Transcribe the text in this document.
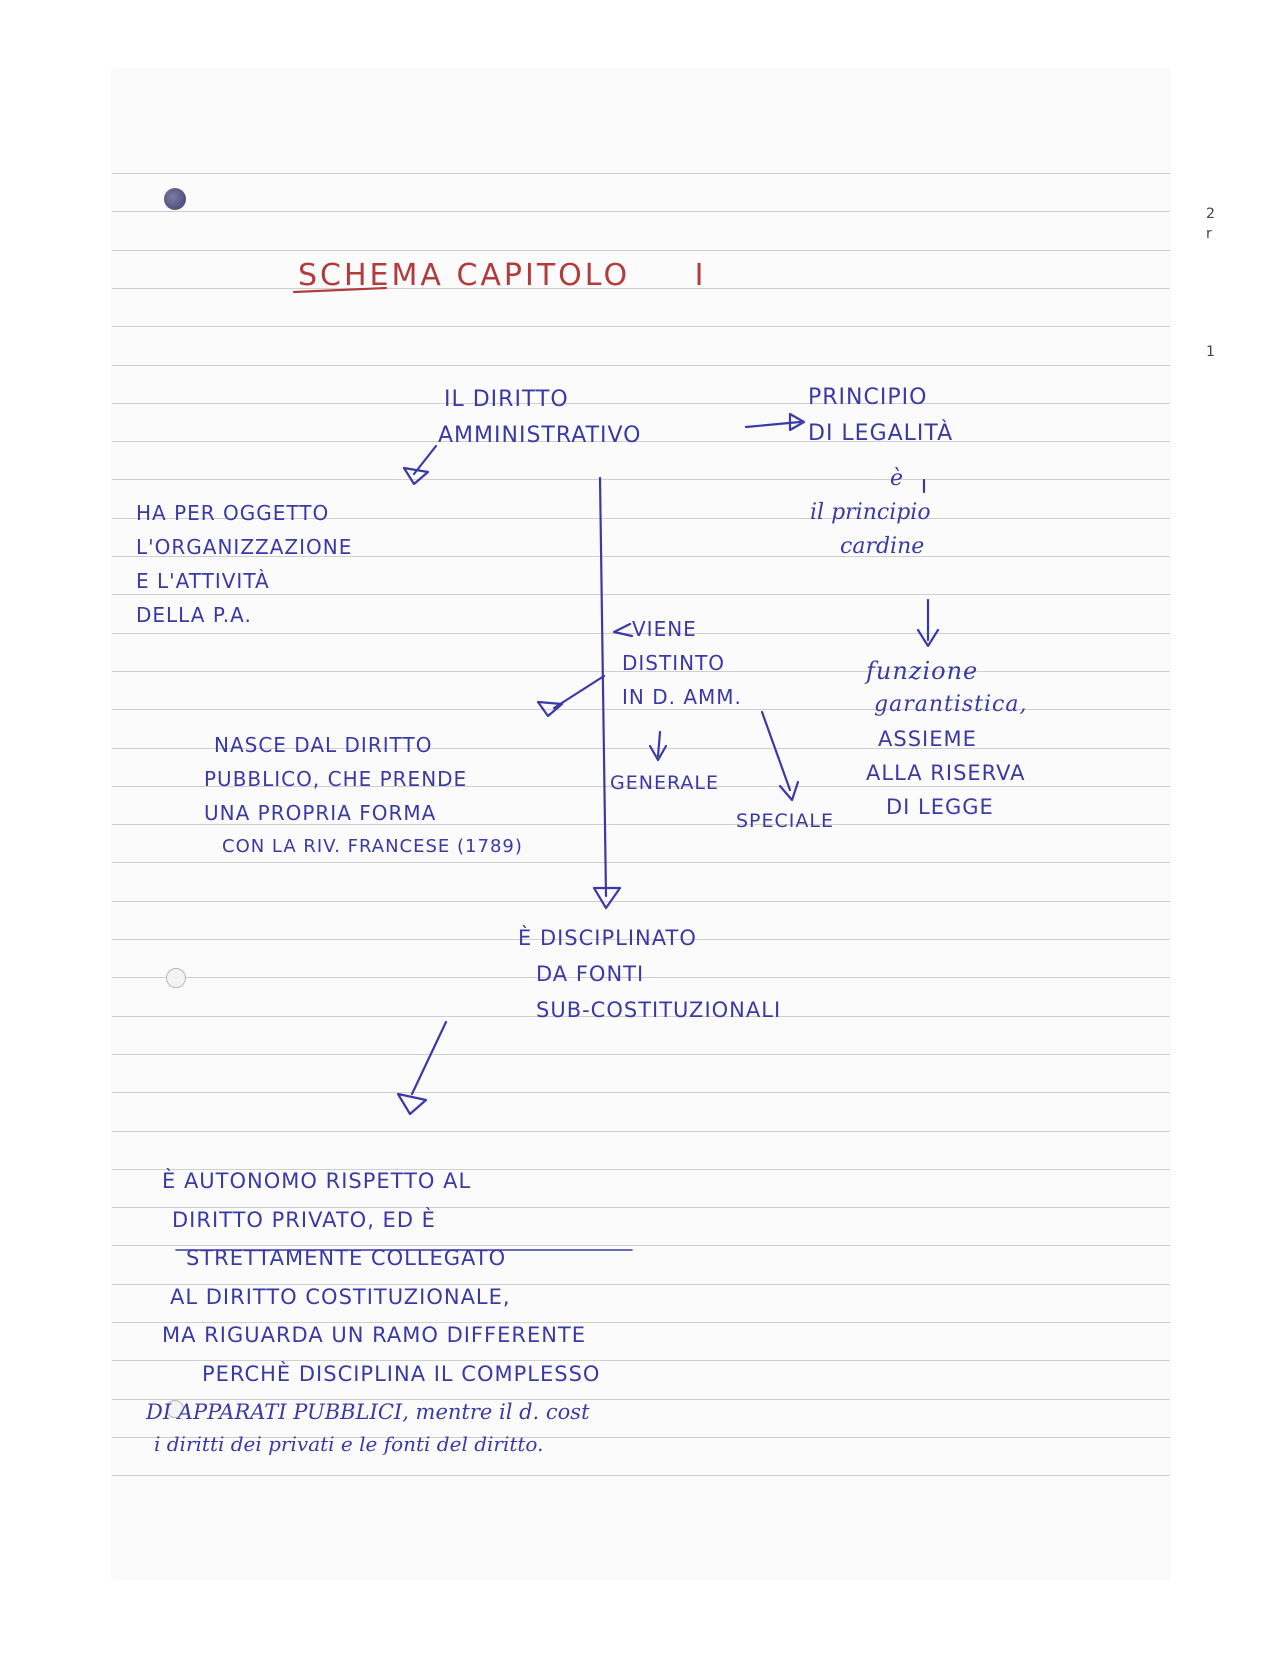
2
r
1
SCHEMA CAPITOLO I
IL DIRITTO
AMMINISTRATIVO
PRINCIPIO
DI LEGALITÀ
è
il principio
cardine
funzione
garantistica,
ASSIEME
ALLA RISERVA
DI LEGGE
HA PER OGGETTO
L'ORGANIZZAZIONE
E L'ATTIVITÀ
DELLA P.A.
VIENE
DISTINTO
IN D. AMM.
GENERALE
SPECIALE
NASCE DAL DIRITTO
PUBBLICO, CHE PRENDE
UNA PROPRIA FORMA
CON LA RIV. FRANCESE (1789)
È DISCIPLINATO
DA FONTI
SUB-COSTITUZIONALI
È AUTONOMO RISPETTO AL
DIRITTO PRIVATO, ED È
STRETTAMENTE COLLEGATO
AL DIRITTO COSTITUZIONALE,
MA RIGUARDA UN RAMO DIFFERENTE
PERCHÈ DISCIPLINA IL COMPLESSO
DI APPARATI PUBBLICI, mentre il d. cost
i diritti dei privati e le fonti del diritto.
